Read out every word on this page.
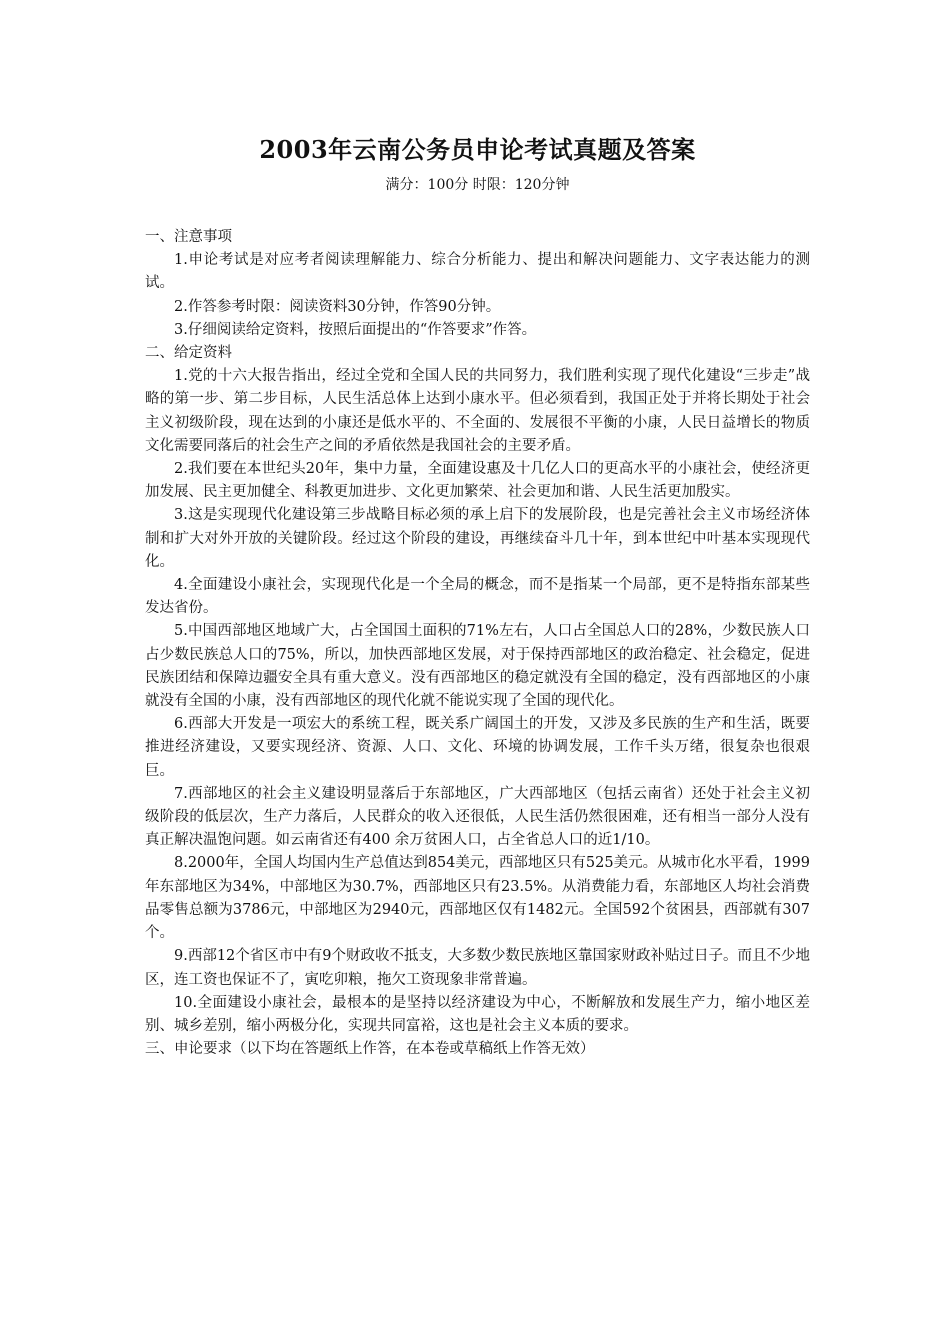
2003年云南公务员申论考试真题及答案
满分：100分 时限：120分钟

一、注意事项

1.申论考试是对应考者阅读理解能力、综合分析能力、提出和解决问题能力、文字表达能力的测试。

2.作答参考时限：阅读资料30分钟，作答90分钟。

3.仔细阅读给定资料，按照后面提出的“作答要求”作答。

二、给定资料

1.党的十六大报告指出，经过全党和全国人民的共同努力，我们胜利实现了现代化建设“三步走”战略的第一步、第二步目标，人民生活总体上达到小康水平。但必须看到，我国正处于并将长期处于社会主义初级阶段，现在达到的小康还是低水平的、不全面的、发展很不平衡的小康，人民日益增长的物质文化需要同落后的社会生产之间的矛盾依然是我国社会的主要矛盾。

2.我们要在本世纪头20年，集中力量，全面建设惠及十几亿人口的更高水平的小康社会，使经济更加发展、民主更加健全、科教更加进步、文化更加繁荣、社会更加和谐、人民生活更加殷实。

3.这是实现现代化建设第三步战略目标必须的承上启下的发展阶段，也是完善社会主义市场经济体制和扩大对外开放的关键阶段。经过这个阶段的建设，再继续奋斗几十年，到本世纪中叶基本实现现代化。

4.全面建设小康社会，实现现代化是一个全局的概念，而不是指某一个局部，更不是特指东部某些发达省份。

5.中国西部地区地域广大，占全国国土面积的71%左右，人口占全国总人口的28%，少数民族人口占少数民族总人口的75%，所以，加快西部地区发展，对于保持西部地区的政治稳定、社会稳定，促进民族团结和保障边疆安全具有重大意义。没有西部地区的稳定就没有全国的稳定，没有西部地区的小康就没有全国的小康，没有西部地区的现代化就不能说实现了全国的现代化。

6.西部大开发是一项宏大的系统工程，既关系广阔国土的开发，又涉及多民族的生产和生活，既要推进经济建设，又要实现经济、资源、人口、文化、环境的协调发展，工作千头万绪，很复杂也很艰巨。

7.西部地区的社会主义建设明显落后于东部地区，广大西部地区（包括云南省）还处于社会主义初级阶段的低层次，生产力落后，人民群众的收入还很低，人民生活仍然很困难，还有相当一部分人没有真正解决温饱问题。如云南省还有400 余万贫困人口，占全省总人口的近1/10。

8.2000年，全国人均国内生产总值达到854美元，西部地区只有525美元。从城市化水平看，1999年东部地区为34%，中部地区为30.7%，西部地区只有23.5%。从消费能力看，东部地区人均社会消费品零售总额为3786元，中部地区为2940元，西部地区仅有1482元。全国592个贫困县，西部就有307个。

9.西部12个省区市中有9个财政收不抵支，大多数少数民族地区靠国家财政补贴过日子。而且不少地区，连工资也保证不了，寅吃卯粮，拖欠工资现象非常普遍。

10.全面建设小康社会，最根本的是坚持以经济建设为中心，不断解放和发展生产力，缩小地区差别、城乡差别，缩小两极分化，实现共同富裕，这也是社会主义本质的要求。

三、申论要求（以下均在答题纸上作答，在本卷或草稿纸上作答无效）
